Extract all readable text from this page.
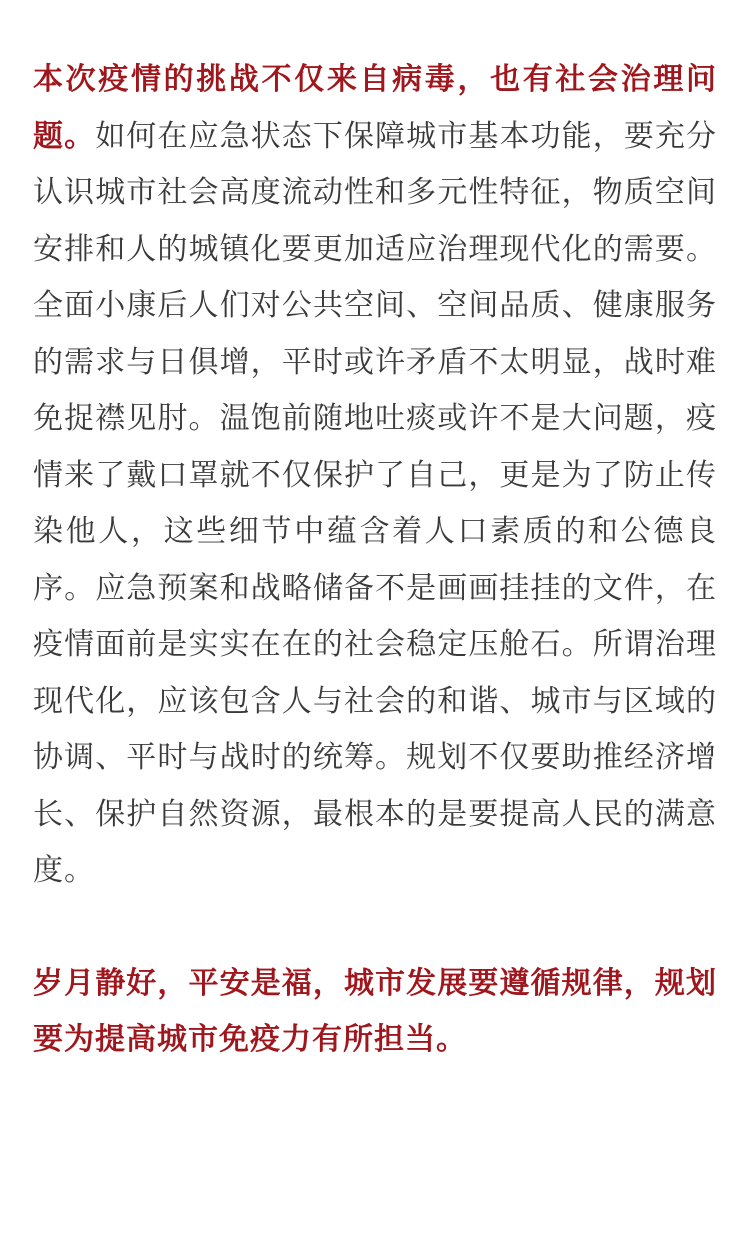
本次疫情的挑战不仅来自病毒，也有社会治理问题。如何在应急状态下保障城市基本功能，要充分认识城市社会高度流动性和多元性特征，物质空间安排和人的城镇化要更加适应治理现代化的需要。全面小康后人们对公共空间、空间品质、健康服务的需求与日俱增，平时或许矛盾不太明显，战时难免捉襟见肘。温饱前随地吐痰或许不是大问题，疫情来了戴口罩就不仅保护了自己，更是为了防止传染他人，这些细节中蕴含着人口素质的和公德良序。应急预案和战略储备不是画画挂挂的文件，在疫情面前是实实在在的社会稳定压舱石。所谓治理现代化，应该包含人与社会的和谐、城市与区域的协调、平时与战时的统筹。规划不仅要助推经济增长、保护自然资源，最根本的是要提高人民的满意度。

岁月静好，平安是福，城市发展要遵循规律，规划要为提高城市免疫力有所担当。
